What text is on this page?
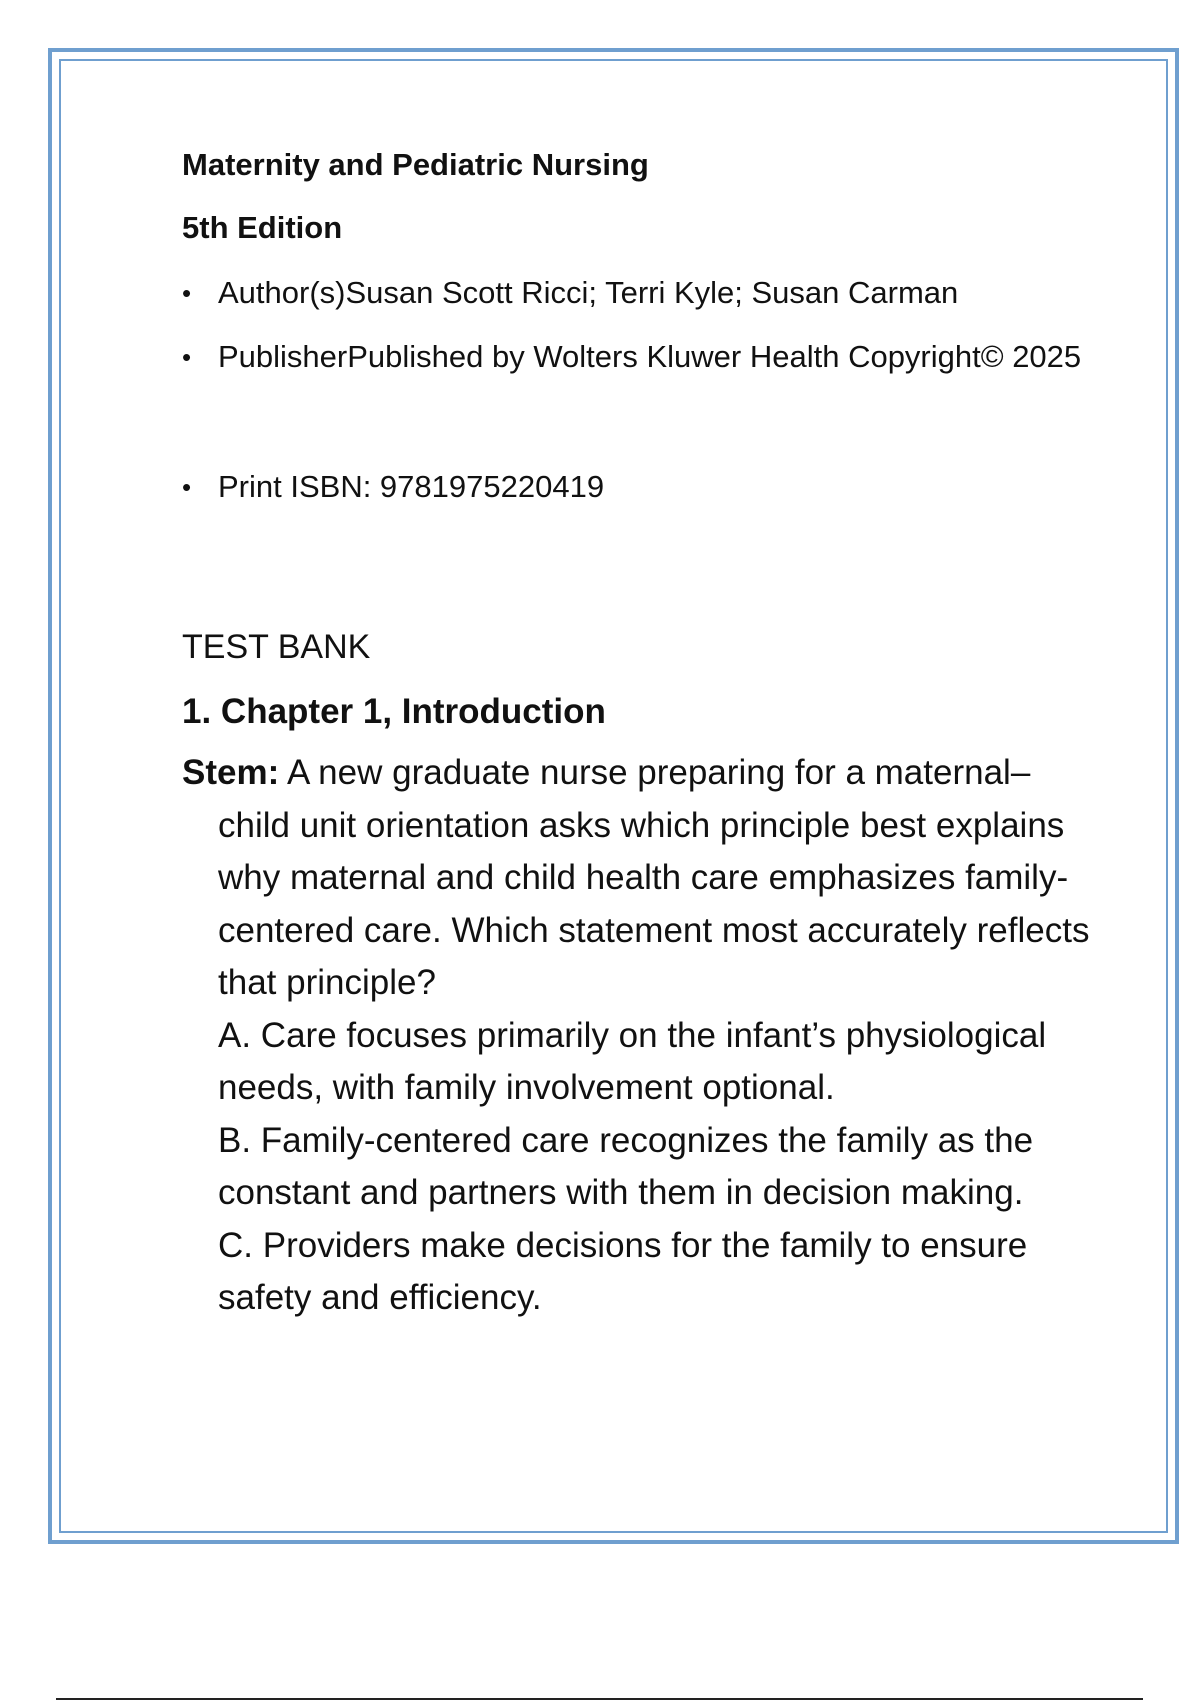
Maternity and Pediatric Nursing
5th Edition
• Author(s)Susan Scott Ricci; Terri Kyle; Susan Carman
• PublisherPublished by Wolters Kluwer Health Copyright© 2025
• Print ISBN: 9781975220419
TEST BANK
1. Chapter 1, Introduction
Stem: A new graduate nurse preparing for a maternal–child unit orientation asks which principle best explains why maternal and child health care emphasizes family-centered care. Which statement most accurately reflects that principle?
A. Care focuses primarily on the infant’s physiological needs, with family involvement optional.
B. Family-centered care recognizes the family as the constant and partners with them in decision making.
C. Providers make decisions for the family to ensure safety and efficiency.
